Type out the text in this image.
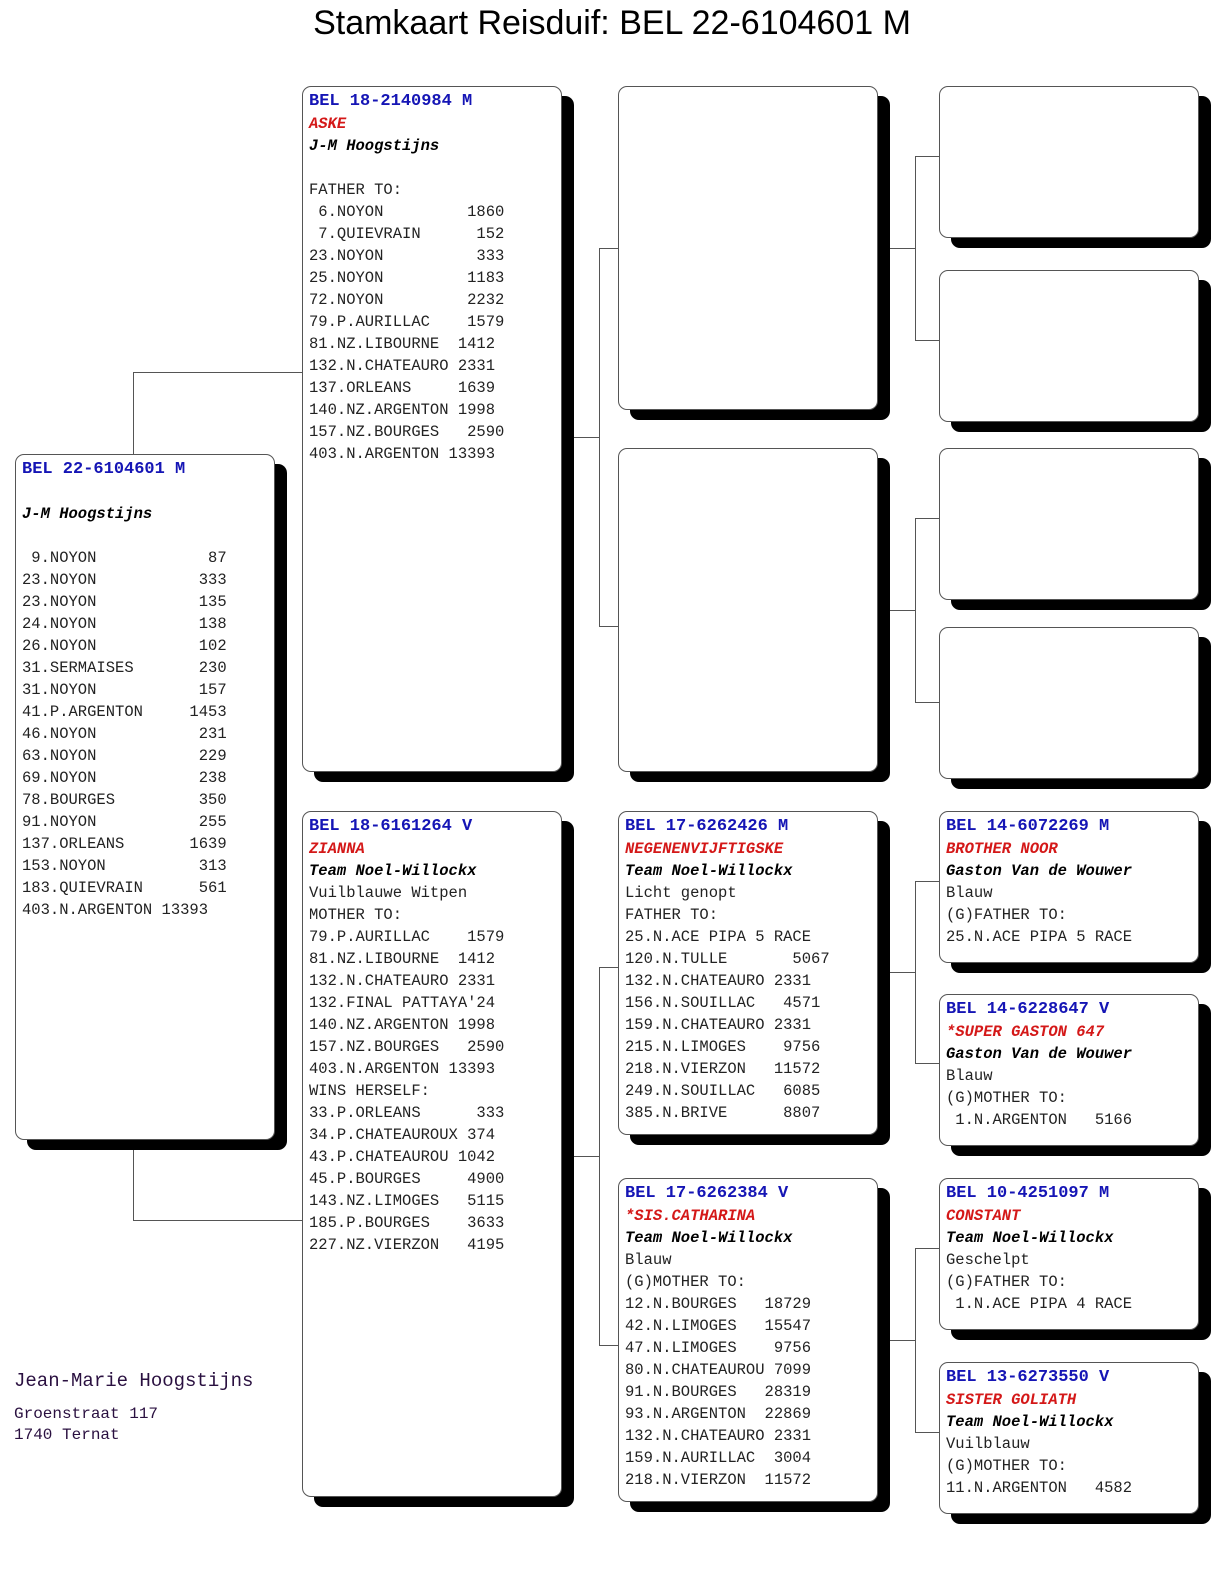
Stamkaart Reisduif: BEL 22-6104601 M
BEL 22-6104601 M
J-M Hoogstijns
9.NOYON            87
23.NOYON           333
23.NOYON           135
24.NOYON           138
26.NOYON           102
31.SERMAISES       230
31.NOYON           157
41.P.ARGENTON     1453
46.NOYON           231
63.NOYON           229
69.NOYON           238
78.BOURGES         350
91.NOYON           255
137.ORLEANS       1639
153.NOYON          313
183.QUIEVRAIN      561
403.N.ARGENTON 13393
BEL 18-2140984 M
ASKE
J-M Hoogstijns
FATHER TO:
6.NOYON         1860
7.QUIEVRAIN      152
23.NOYON          333
25.NOYON         1183
72.NOYON         2232
79.P.AURILLAC    1579
81.NZ.LIBOURNE  1412
132.N.CHATEAURO 2331
137.ORLEANS     1639
140.NZ.ARGENTON 1998
157.NZ.BOURGES   2590
403.N.ARGENTON 13393
BEL 18-6161264 V
ZIANNA
Team Noel-Willockx
Vuilblauwe Witpen
MOTHER TO:
79.P.AURILLAC    1579
81.NZ.LIBOURNE  1412
132.N.CHATEAURO 2331
132.FINAL PATTAYA'24
140.NZ.ARGENTON 1998
157.NZ.BOURGES   2590
403.N.ARGENTON 13393
WINS HERSELF:
33.P.ORLEANS      333
34.P.CHATEAUROUX 374
43.P.CHATEAUROU 1042
45.P.BOURGES     4900
143.NZ.LIMOGES   5115
185.P.BOURGES    3633
227.NZ.VIERZON   4195
BEL 17-6262426 M
NEGENENVIJFTIGSKE
Team Noel-Willockx
Licht genopt
FATHER TO:
25.N.ACE PIPA 5 RACE
120.N.TULLE       5067
132.N.CHATEAURO 2331
156.N.SOUILLAC   4571
159.N.CHATEAURO 2331
215.N.LIMOGES    9756
218.N.VIERZON   11572
249.N.SOUILLAC   6085
385.N.BRIVE      8807
BEL 17-6262384 V
*SIS.CATHARINA
Team Noel-Willockx
Blauw
(G)MOTHER TO:
12.N.BOURGES   18729
42.N.LIMOGES   15547
47.N.LIMOGES    9756
80.N.CHATEAUROU 7099
91.N.BOURGES   28319
93.N.ARGENTON  22869
132.N.CHATEAURO 2331
159.N.AURILLAC  3004
218.N.VIERZON  11572
BEL 14-6072269 M
BROTHER NOOR
Gaston Van de Wouwer
Blauw
(G)FATHER TO:
25.N.ACE PIPA 5 RACE
BEL 14-6228647 V
*SUPER GASTON 647
Gaston Van de Wouwer
Blauw
(G)MOTHER TO:
1.N.ARGENTON   5166
BEL 10-4251097 M
CONSTANT
Team Noel-Willockx
Geschelpt
(G)FATHER TO:
1.N.ACE PIPA 4 RACE
BEL 13-6273550 V
SISTER GOLIATH
Team Noel-Willockx
Vuilblauw
(G)MOTHER TO:
11.N.ARGENTON   4582
Jean-Marie Hoogstijns
Groenstraat 117
1740 Ternat
